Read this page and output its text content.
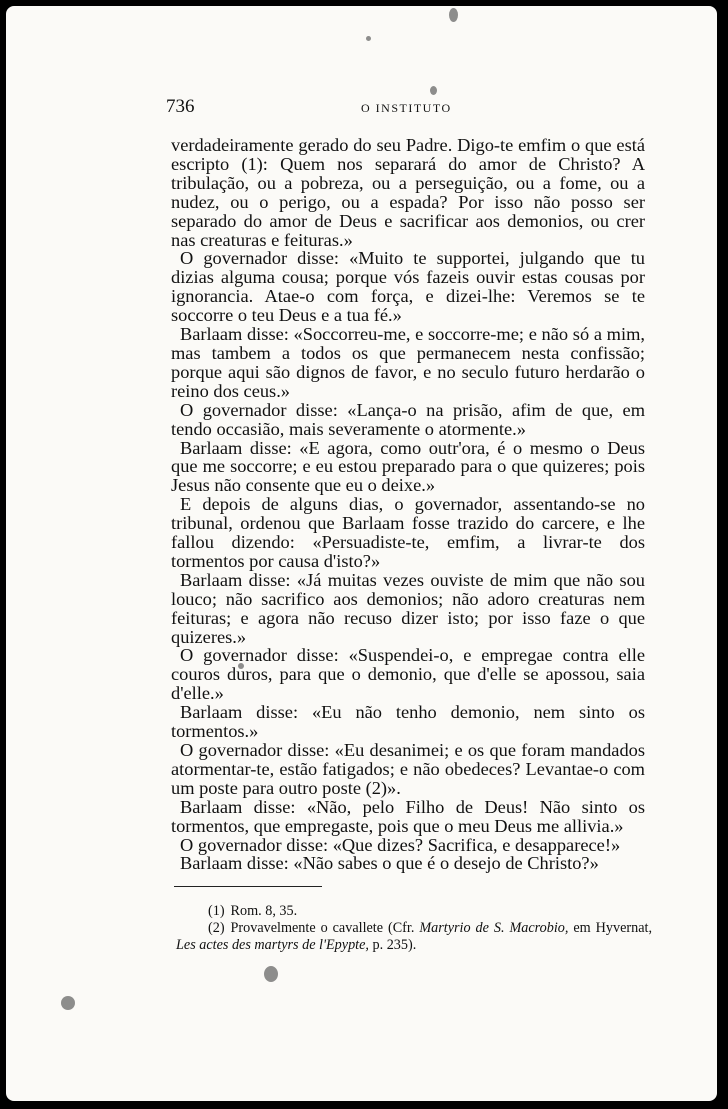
736	O INSTITUTO

verdadeiramente gerado do seu Padre. Digo-te emfim o que está escripto (1): Quem nos separará do amor de Christo? A tribulação, ou a pobreza, ou a perseguição, ou a fome, ou a nudez, ou o perigo, ou a espada? Por isso não posso ser separado do amor de Deus e sacrificar aos demonios, ou crer nas creaturas e feituras.»

O governador disse: «Muito te supportei, julgando que tu dizias alguma cousa; porque vós fazeis ouvir estas cousas por ignorancia. Atae-o com força, e dizei-lhe: Veremos se te soccorre o teu Deus e a tua fé.»

Barlaam disse: «Soccorreu-me, e soccorre-me; e não só a mim, mas tambem a todos os que permanecem nesta confissão; porque aqui são dignos de favor, e no seculo futuro herdarão o reino dos ceus.»

O governador disse: «Lança-o na prisão, afim de que, em tendo occasião, mais severamente o atormente.»

Barlaam disse: «E agora, como outr'ora, é o mesmo o Deus que me soccorre; e eu estou preparado para o que quizeres; pois Jesus não consente que eu o deixe.»

E depois de alguns dias, o governador, assentando-se no tribunal, ordenou que Barlaam fosse trazido do carcere, e lhe fallou dizendo: «Persuadiste-te, emfim, a livrar-te dos tormentos por causa d'isto?»

Barlaam disse: «Já muitas vezes ouviste de mim que não sou louco; não sacrifico aos demonios; não adoro creaturas nem feituras; e agora não recuso dizer isto; por isso faze o que quizeres.»

O governador disse: «Suspendei-o, e empregae contra elle couros duros, para que o demonio, que d'elle se apossou, saia d'elle.»

Barlaam disse: «Eu não tenho demonio, nem sinto os tormentos.»

O governador disse: «Eu desanimei; e os que foram mandados atormentar-te, estão fatigados; e não obedeces? Levantae-o com um poste para outro poste (2)».

Barlaam disse: «Não, pelo Filho de Deus! Não sinto os tormentos, que empregaste, pois que o meu Deus me allivia.»

O governador disse: «Que dizes? Sacrifica, e desapparece!»

Barlaam disse: «Não sabes o que é o desejo de Christo?»

(1) Rom. 8, 35.

(2) Provavelmente o cavallete (Cfr. Martyrio de S. Macrobio, em Hyvernat, Les actes des martyrs de l'Epypte, p. 235).
